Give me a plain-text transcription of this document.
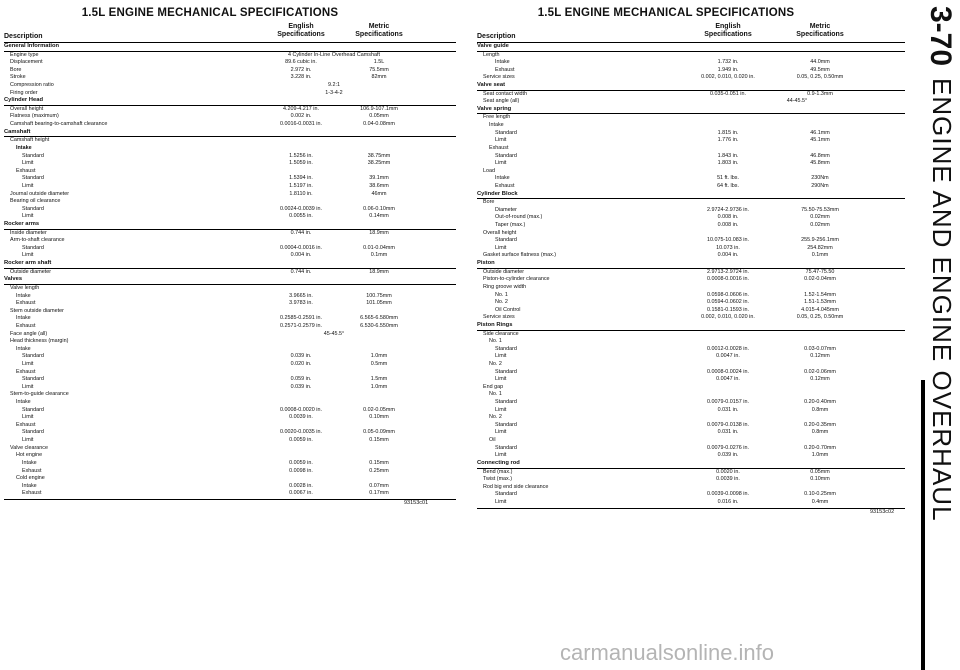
1.5L ENGINE MECHANICAL SPECIFICATIONS
Description
English
Specifications
Metric
Specifications
General Information
Engine type	4 Cylinder In-Line Overhead Camshaft
Displacement	89.6 cubic in.	1.5L
Bore	2.972 in.	75.5mm
Stroke	3.228 in.	82mm
Compression ratio	9.2:1
Firing order	1-3-4-2
Cylinder Head
Overall height	4.209-4.217 in.	106.9-107.1mm
Flatness (maximum)	0.002 in.	0.05mm
Camshaft bearing-to-camshaft clearance	0.0016-0.0031 in.	0.04-0.08mm
Camshaft
Camshaft height
Intake
Standard	1.5256 in.	38.75mm
Limit	1.5059 in.	38.25mm
Exhaust
Standard	1.5394 in.	39.1mm
Limit	1.5197 in.	38.6mm
Journal outside diameter	1.8110 in.	46mm
Bearing oil clearance
Standard	0.0024-0.0039 in.	0.06-0.10mm
Limit	0.0055 in.	0.14mm
Rocker arms
Inside diameter	0.744 in.	18.9mm
Arm-to-shaft clearance
Standard	0.0004-0.0016 in.	0.01-0.04mm
Limit	0.004 in.	0.1mm
Rocker arm shaft
Outside diameter	0.744 in.	18.9mm
Valves
Valve length
Intake	3.9665 in.	100.75mm
Exhaust	3.9783 in.	101.05mm
Stem outside diameter
Intake	0.2585-0.2591 in.	6.565-6.580mm
Exhaust	0.2571-0.2579 in.	6.530-6.550mm
Face angle (all)	45-45.5°
Head thickness (margin)
Intake
Standard	0.039 in.	1.0mm
Limit	0.020 in.	0.5mm
Exhaust
Standard	0.059 in.	1.5mm
Limit	0.039 in.	1.0mm
Stem-to-guide clearance
Intake
Standard	0.0008-0.0020 in.	0.02-0.05mm
Limit	0.0039 in.	0.10mm
Exhaust
Standard	0.0020-0.0035 in.	0.05-0.09mm
Limit	0.0059 in.	0.15mm
Valve clearance
Hot engine
Intake	0.0059 in.	0.15mm
Exhaust	0.0098 in.	0.25mm
Cold engine
Intake	0.0028 in.	0.07mm
Exhaust	0.0067 in.	0.17mm
93153c01
1.5L ENGINE MECHANICAL SPECIFICATIONS
Description
English
Specifications
Metric
Specifications
Valve guide
Length
Intake	1.732 in.	44.0mm
Exhaust	1.949 in.	49.5mm
Service sizes	0.002, 0.010, 0.020 in.	0.05, 0.25, 0.50mm
Valve seat
Seat contact width	0.035-0.051 in.	0.9-1.3mm
Seat angle (all)	44-45.5°
Valve spring
Free length
Intake
Standard	1.815 in.	46.1mm
Limit	1.776 in.	45.1mm
Exhaust
Standard	1.843 in.	46.8mm
Limit	1.803 in.	45.8mm
Load
Intake	51 ft. lbs.	230Nm
Exhaust	64 ft. lbs.	290Nm
Cylinder Block
Bore
Diameter	2.9724-2.9736 in.	75.50-75.53mm
Out-of-round (max.)	0.008 in.	0.02mm
Taper (max.)	0.008 in.	0.02mm
Overall height
Standard	10.075-10.083 in.	255.9-256.1mm
Limit	10.073 in.	254.82mm
Gasket surface flatness (max.)	0.004 in.	0.1mm
Piston
Outside diameter	2.9713-2.9724 in.	75.47-75.50
Piston-to-cylinder clearance	0.0008-0.0016 in.	0.02-0.04mm
Ring groove width
No. 1	0.0598-0.0606 in.	1.52-1.54mm
No. 2	0.0594-0.0602 in.	1.51-1.53mm
Oil Control	0.1581-0.1593 in.	4.015-4.045mm
Service sizes	0.002, 0.010, 0.020 in.	0.05, 0.25, 0.50mm
Piston Rings
Side clearance
No. 1
Standard	0.0012-0.0028 in.	0.03-0.07mm
Limit	0.0047 in.	0.12mm
No. 2
Standard	0.0008-0.0024 in.	0.02-0.06mm
Limit	0.0047 in.	0.12mm
End gap
No. 1
Standard	0.0079-0.0157 in.	0.20-0.40mm
Limit	0.031 in.	0.8mm
No. 2
Standard	0.0079-0.0138 in.	0.20-0.35mm
Limit	0.031 in.	0.8mm
Oil
Standard	0.0079-0.0276 in.	0.20-0.70mm
Limit	0.039 in.	1.0mm
Connecting rod
Bend (max.)	0.0020 in.	0.05mm
Twist (max.)	0.0039 in.	0.10mm
Rod big end side clearance
Standard	0.0039-0.0098 in.	0.10-0.25mm
Limit	0.016 in.	0.4mm
93153c02
3-70
ENGINE AND ENGINE OVERHAUL
carmanualsonline.info
